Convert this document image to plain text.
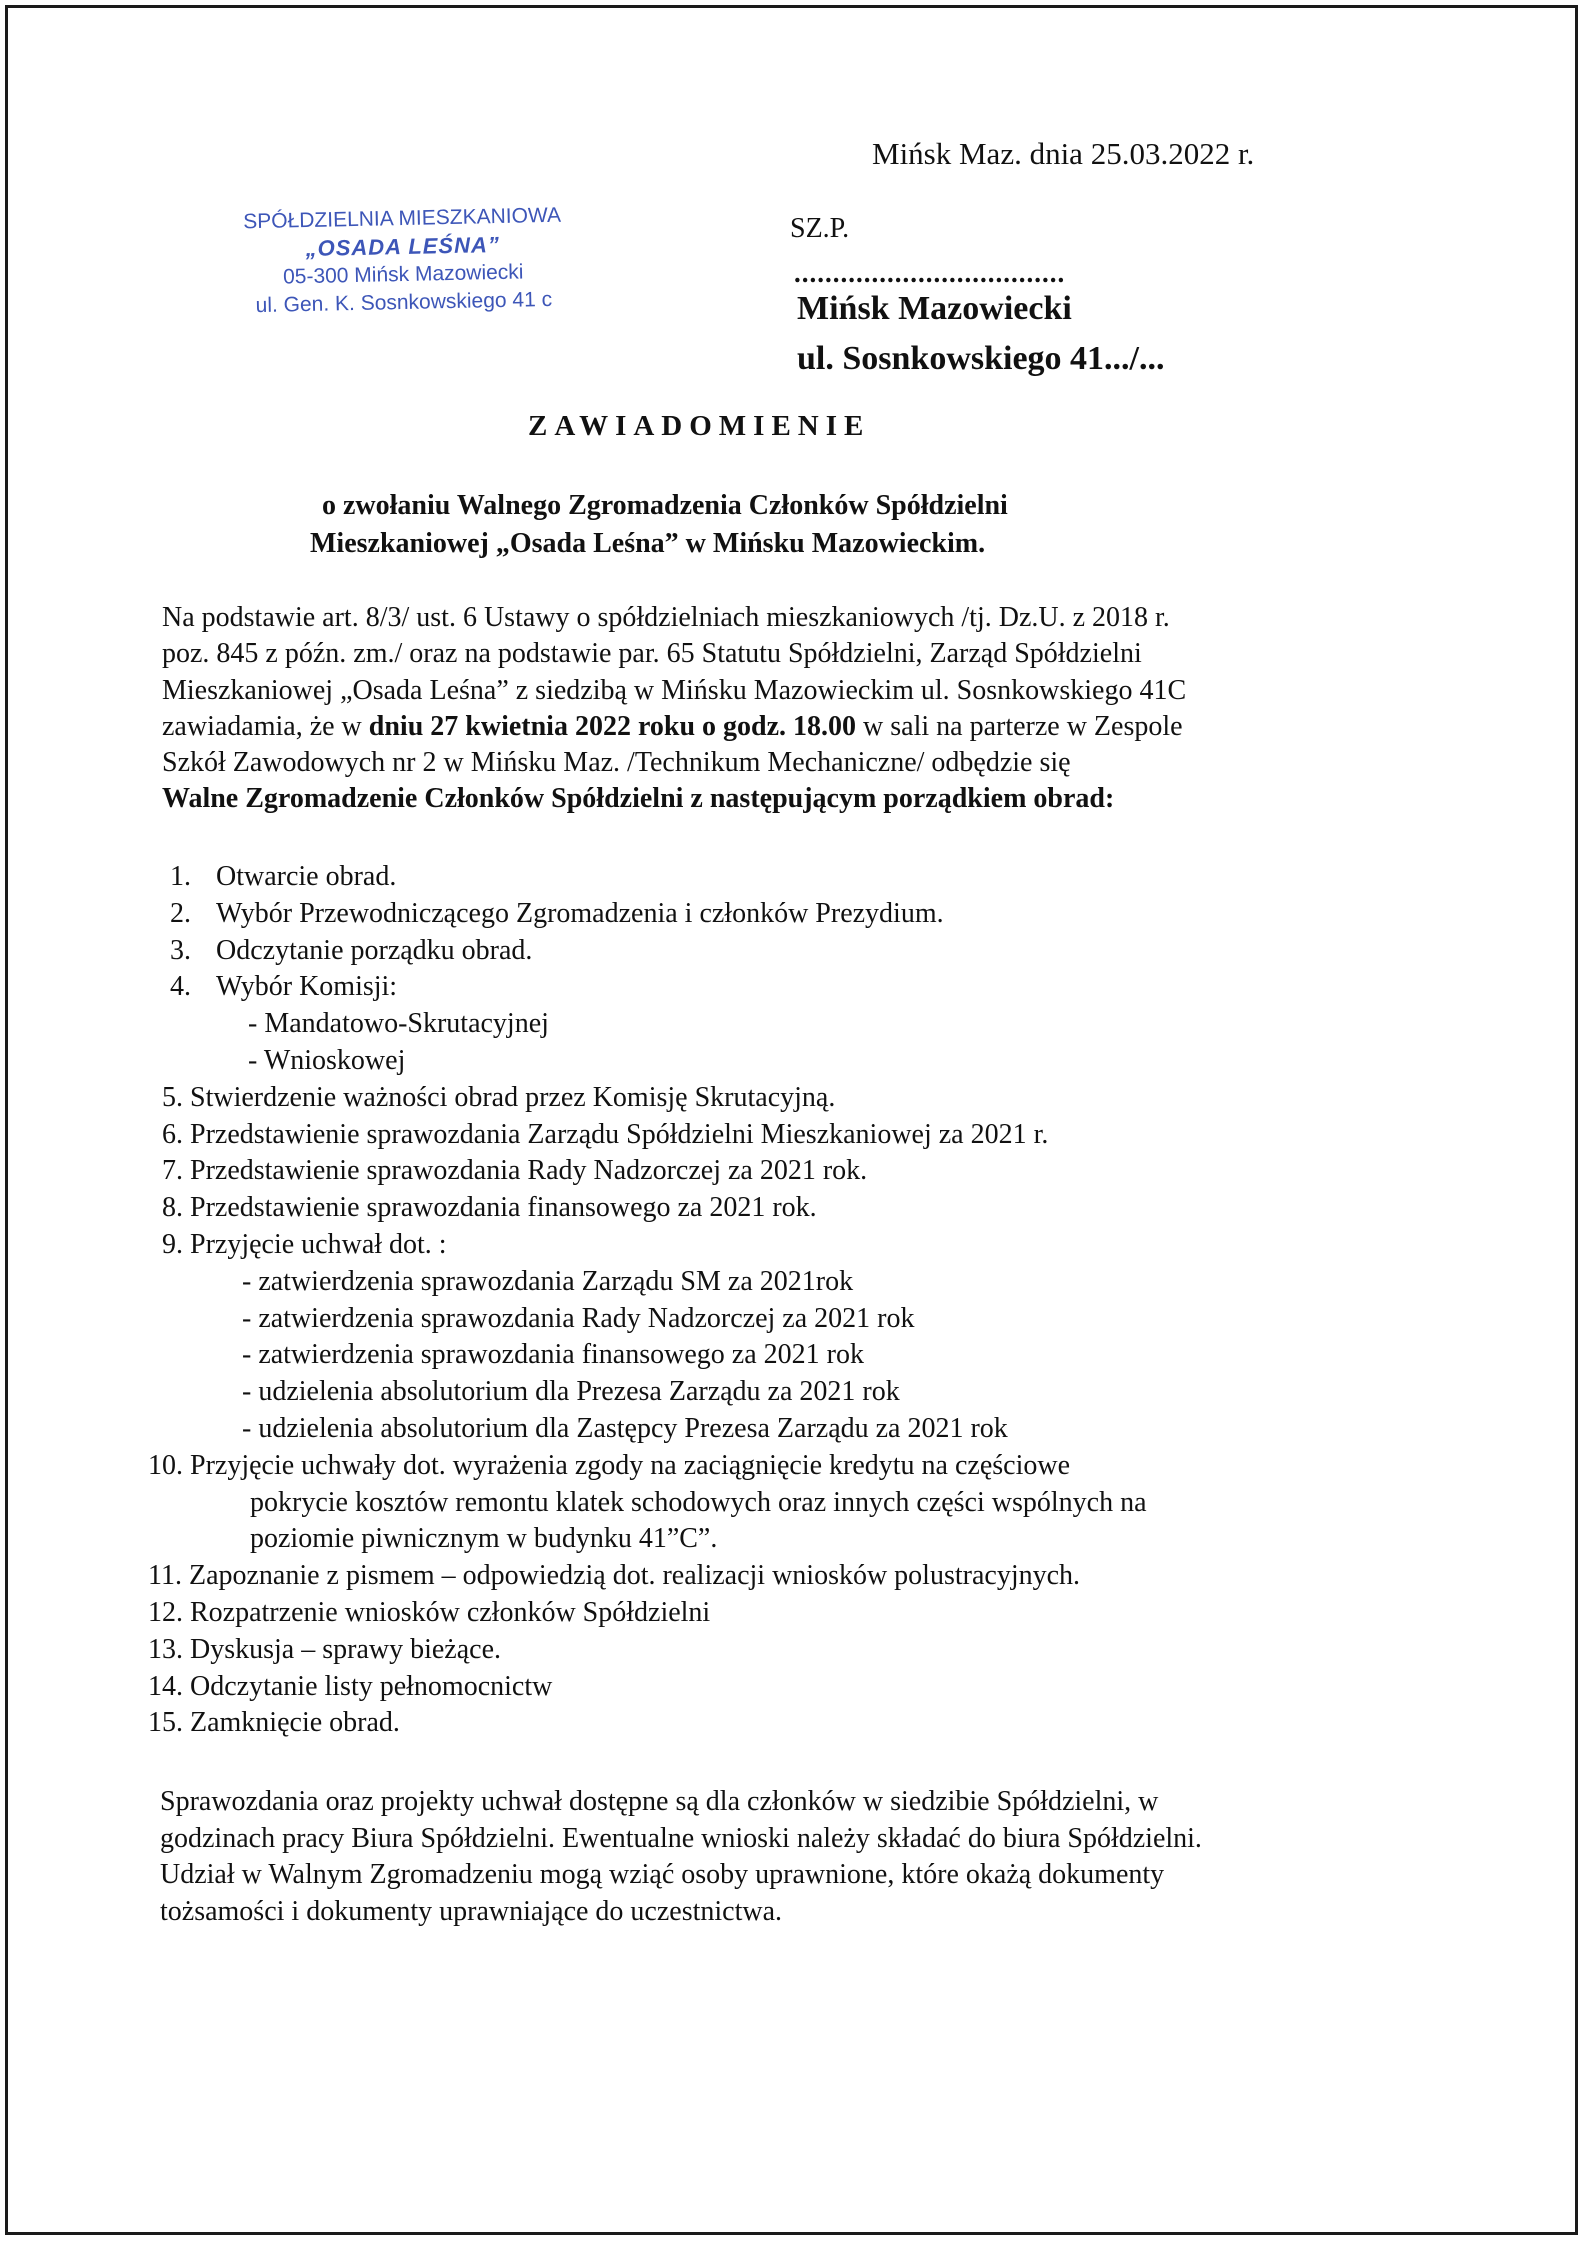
Mińsk Maz. dnia 25.03.2022 r.
SPÓŁDZIELNIA MIESZKANIOWA
„OSADA LEŚNA”
05-300 Mińsk Mazowiecki
ul. Gen. K. Sosnkowskiego 41 c
SZ.P.
...................................
Mińsk Mazowiecki
ul. Sosnkowskiego 41.../...
ZAWIADOMIENIE
o zwołaniu Walnego Zgromadzenia Członków Spółdzielni
Mieszkaniowej „Osada Leśna” w Mińsku Mazowieckim.
Na podstawie art. 8/3/ ust. 6 Ustawy o spółdzielniach mieszkaniowych /tj. Dz.U. z 2018 r.
poz. 845 z późn. zm./ oraz na podstawie par. 65 Statutu Spółdzielni, Zarząd Spółdzielni
Mieszkaniowej „Osada Leśna” z siedzibą w Mińsku Mazowieckim ul. Sosnkowskiego 41C
zawiadamia, że w dniu 27 kwietnia 2022 roku o godz. 18.00 w sali na parterze w Zespole
Szkół Zawodowych nr 2 w Mińsku Maz. /Technikum Mechaniczne/ odbędzie się
Walne Zgromadzenie Członków Spółdzielni z następującym porządkiem obrad:
1. Otwarcie obrad.
2. Wybór Przewodniczącego Zgromadzenia i członków Prezydium.
3. Odczytanie porządku obrad.
4. Wybór Komisji:
- Mandatowo-Skrutacyjnej
- Wnioskowej
5. Stwierdzenie ważności obrad przez Komisję Skrutacyjną.
6. Przedstawienie sprawozdania Zarządu Spółdzielni Mieszkaniowej za 2021 r.
7. Przedstawienie sprawozdania Rady Nadzorczej za 2021 rok.
8. Przedstawienie sprawozdania finansowego za 2021 rok.
9. Przyjęcie uchwał dot. :
- zatwierdzenia sprawozdania Zarządu SM za 2021rok
- zatwierdzenia sprawozdania Rady Nadzorczej za 2021 rok
- zatwierdzenia sprawozdania finansowego za 2021 rok
- udzielenia absolutorium dla Prezesa Zarządu za 2021 rok
- udzielenia absolutorium dla Zastępcy Prezesa Zarządu za 2021 rok
10. Przyjęcie uchwały dot. wyrażenia zgody na zaciągnięcie kredytu na częściowe
pokrycie kosztów remontu klatek schodowych oraz innych części wspólnych na
poziomie piwnicznym w budynku 41”C”.
11. Zapoznanie z pismem – odpowiedzią dot. realizacji wniosków polustracyjnych.
12. Rozpatrzenie wniosków członków Spółdzielni
13. Dyskusja – sprawy bieżące.
14. Odczytanie listy pełnomocnictw
15. Zamknięcie obrad.
Sprawozdania oraz projekty uchwał dostępne są dla członków w siedzibie Spółdzielni, w
godzinach pracy Biura Spółdzielni. Ewentualne wnioski należy składać do biura Spółdzielni.
Udział w Walnym Zgromadzeniu mogą wziąć osoby uprawnione, które okażą dokumenty
tożsamości i dokumenty uprawniające do uczestnictwa.
